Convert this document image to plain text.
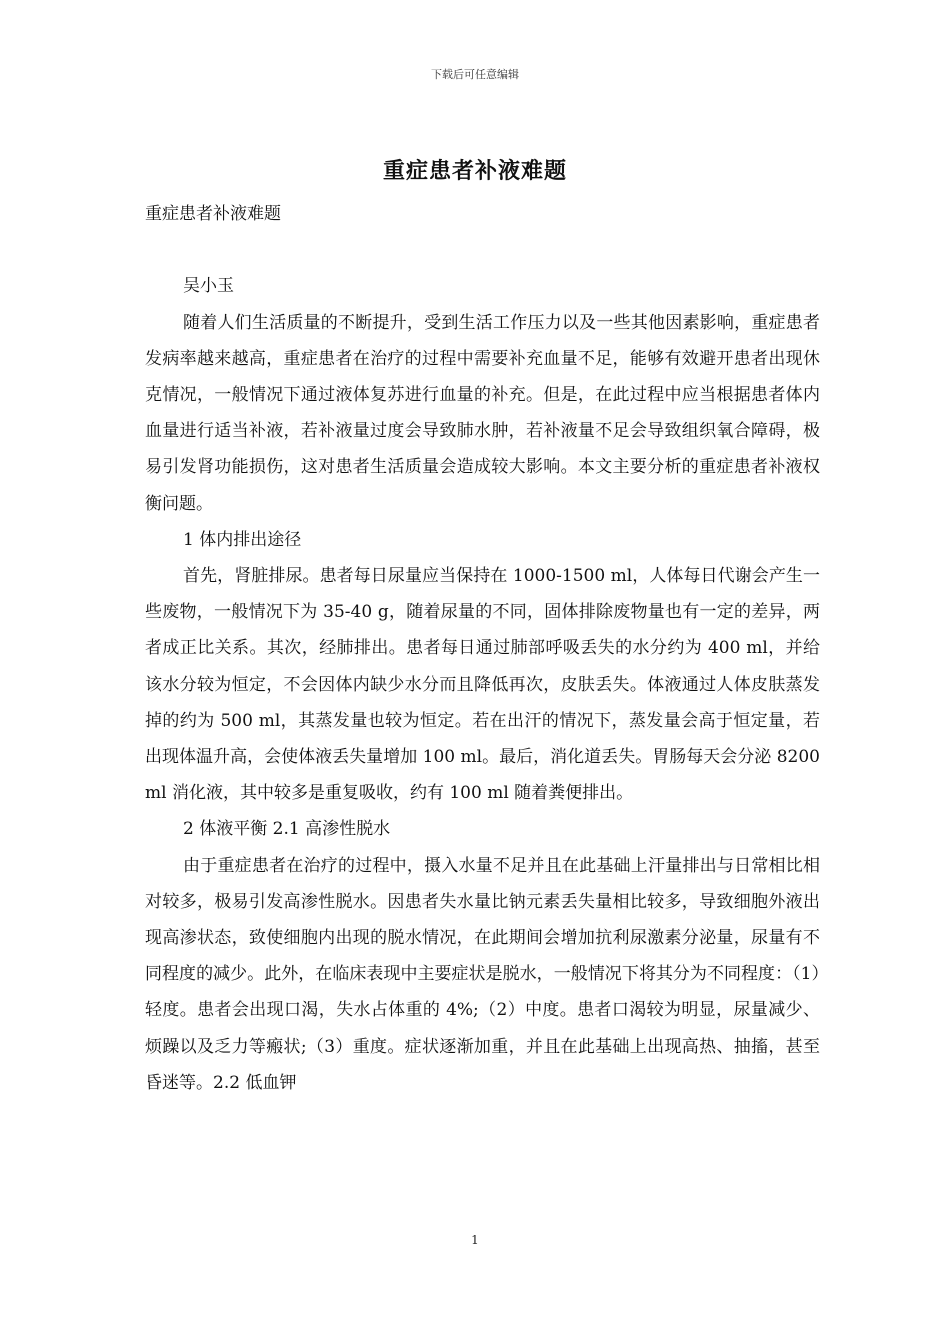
下载后可任意编辑
重症患者补液难题

重症患者补液难题

吴小玉

随着人们生活质量的不断提升，受到生活工作压力以及一些其他因素影响，重症患者发病率越来越高，重症患者在治疗的过程中需要补充血量不足，能够有效避开患者出现休克情况，一般情况下通过液体复苏进行血量的补充。但是，在此过程中应当根据患者体内血量进行适当补液，若补液量过度会导致肺水肿，若补液量不足会导致组织氧合障碍，极易引发肾功能损伤，这对患者生活质量会造成较大影响。本文主要分析的重症患者补液权衡问题。

1 体内排出途径

首先，肾脏排尿。患者每日尿量应当保持在 1000-1500 ml，人体每日代谢会产生一些废物，一般情况下为 35-40 g，随着尿量的不同，固体排除废物量也有一定的差异，两者成正比关系。其次，经肺排出。患者每日通过肺部呼吸丢失的水分约为 400 ml，并给该水分较为恒定，不会因体内缺少水分而且降低再次，皮肤丢失。体液通过人体皮肤蒸发掉的约为 500 ml，其蒸发量也较为恒定。若在出汗的情况下，蒸发量会高于恒定量，若出现体温升高，会使体液丢失量增加 100 ml。最后，消化道丢失。胃肠每天会分泌 8200 ml 消化液，其中较多是重复吸收，约有 100 ml 随着粪便排出。

2 体液平衡 2.1 高渗性脱水

由于重症患者在治疗的过程中，摄入水量不足并且在此基础上汗量排出与日常相比相对较多，极易引发高渗性脱水。因患者失水量比钠元素丢失量相比较多，导致细胞外液出现高渗状态，致使细胞内出现的脱水情况，在此期间会增加抗利尿激素分泌量，尿量有不同程度的减少。此外，在临床表现中主要症状是脱水，一般情况下将其分为不同程度：（1）轻度。患者会出现口渴，失水占体重的 4%;（2）中度。患者口渴较为明显，尿量减少、烦躁以及乏力等瘢状;（3）重度。症状逐渐加重，并且在此基础上出现高热、抽搐，甚至昏迷等。2.2 低血钾

1
